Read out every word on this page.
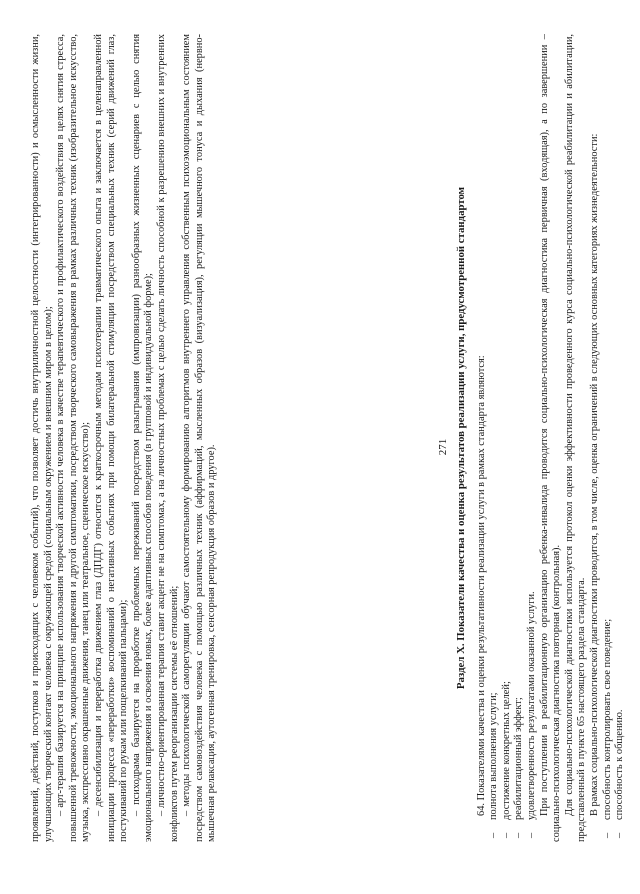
проявлений, действий, поступков и происходящих с человеком событий), что позволяет достичь внутриличностной целостности (интегрированности) и осмысленности жизни, улучшающих творческий контакт человека с окружающей средой (социальным окружением и внешним миром в целом); – арт-терапия базируется на принципе использования творческой активности человека в качестве терапевтического и профилактического воздействия в целях снятия стресса, повышенной тревожности, эмоционального напряжения и другой симптоматики, посредством творческого самовыражения в рамках различных техник (изобразительное искусство, музыка, экспрессивно окрашенные движения, танец или театральное, сценическое искусство); – десенсибилизация и переработка движением глаз (ДПДГ) относится к краткосрочным методам психотерапии травматического опыта и заключается в целенаправленной инициации процесса «переработки» воспоминаний о негативных событиях при помощи билатеральной стимуляции посредством специальных техник (серий движений глаз, постукиваний по рукам или пощелкиваний пальцами); – психодрама базируется на проработке проблемных переживаний посредством разыгрывания (импровизации) разнообразных жизненных сценариев с целью снятия эмоционального напряжения и освоения новых, более адаптивных способов поведения (в групповой и индивидуальной форме); – личностно-ориентированная терапия ставит акцент не на симптомах, а на личностных проблемах с целью сделать личность способной к разрешению внешних и внутренних конфликтов путем реорганизации системы её отношений; – методы психологической саморегуляции обучают самостоятельному формированию алгоритмов внутреннего управления собственным психоэмоциональным состоянием посредством самовоздействия человека с помощью различных техник (аффирмаций, мысленных образов (визуализация), регуляции мышечного тонуса и дыхания (нервно-мышечная релаксация, аутогенная тренировка, сенсорная репродукция образов и другое).	271 Раздел X. Показатели качества и оценка результатов реализации услуги, предусмотренной стандартом 64. Показателями качества и оценки результативности реализации услуги в рамках стандарта являются:

–
полнота выполнения услуги;
–
достижение конкретных целей;
–
реабилитационный эффект;
–
удовлетворенность результатами оказанной услуги. При поступлении в реабилитационную организацию ребенка-инвалида проводится социально-психологическая диагностика первичная (входящая), а по завершении – социально-психологическая диагностика повторная (контрольная). Для социально-психологической диагностики используется протокол оценки эффективности проведенного курса социально-психологической реабилитации и абилитации, представленный в пункте 65 настоящего раздела стандарта. В рамках социально-психологической диагностики проводится, в том числе, оценка ограничений в следующих основных категориях жизнедеятельности:

–
способность контролировать свое поведение;
–
способность к общению.
